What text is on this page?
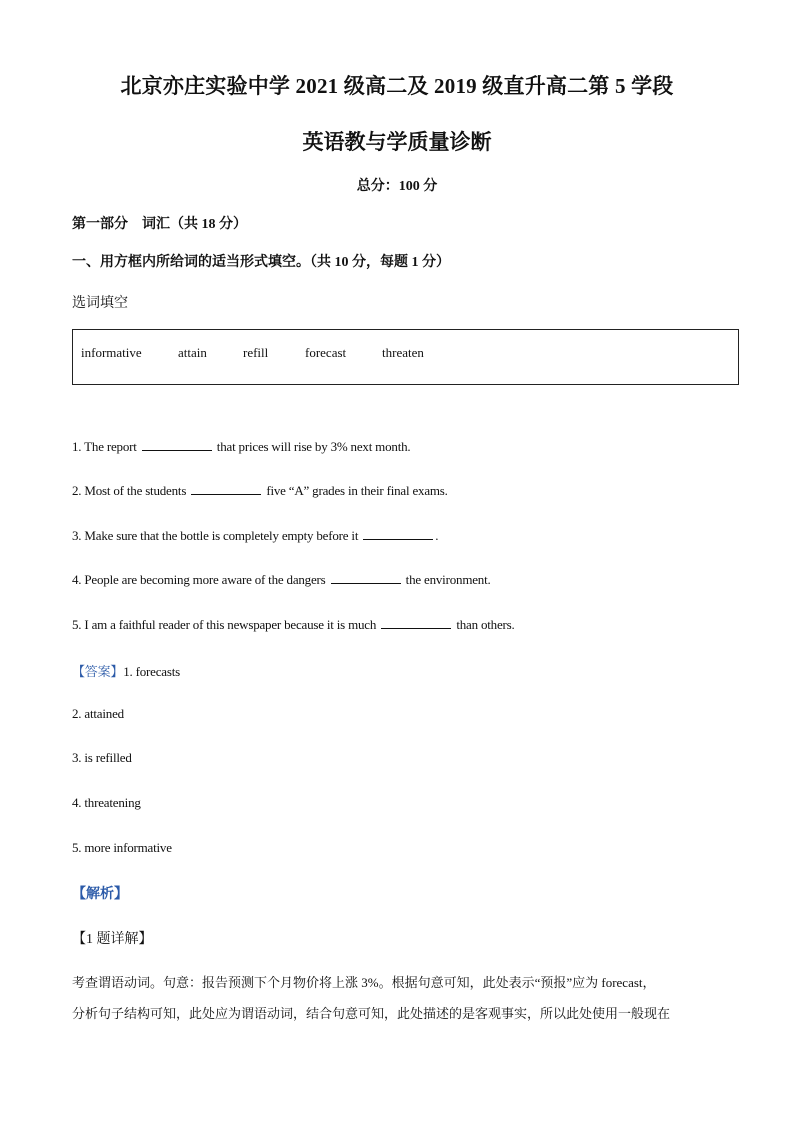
北京亦庄实验中学 2021 级高二及 2019 级直升高二第 5 学段
英语教与学质量诊断
总分：100 分
第一部分　词汇（共 18 分）
一、用方框内所给词的适当形式填空。（共 10 分，每题 1 分）
选词填空
informative	attain	refill	forecast	threaten
1. The report	that prices will rise by 3% next month.
2. Most of the students	five “A” grades in their final exams.
3. Make sure that the bottle is completely empty before it	.
4. People are becoming more aware of the dangers	the environment.
5. I am a faithful reader of this newspaper because it is much	than others.
【答案】1. forecasts
2. attained
3. is refilled
4. threatening
5. more informative
【解析】
【1 题详解】
考查谓语动词。句意：报告预测下个月物价将上涨 3%。根据句意可知，此处表示“预报”应为 forecast，
分析句子结构可知，此处应为谓语动词，结合句意可知，此处描述的是客观事实，所以此处使用一般现在
